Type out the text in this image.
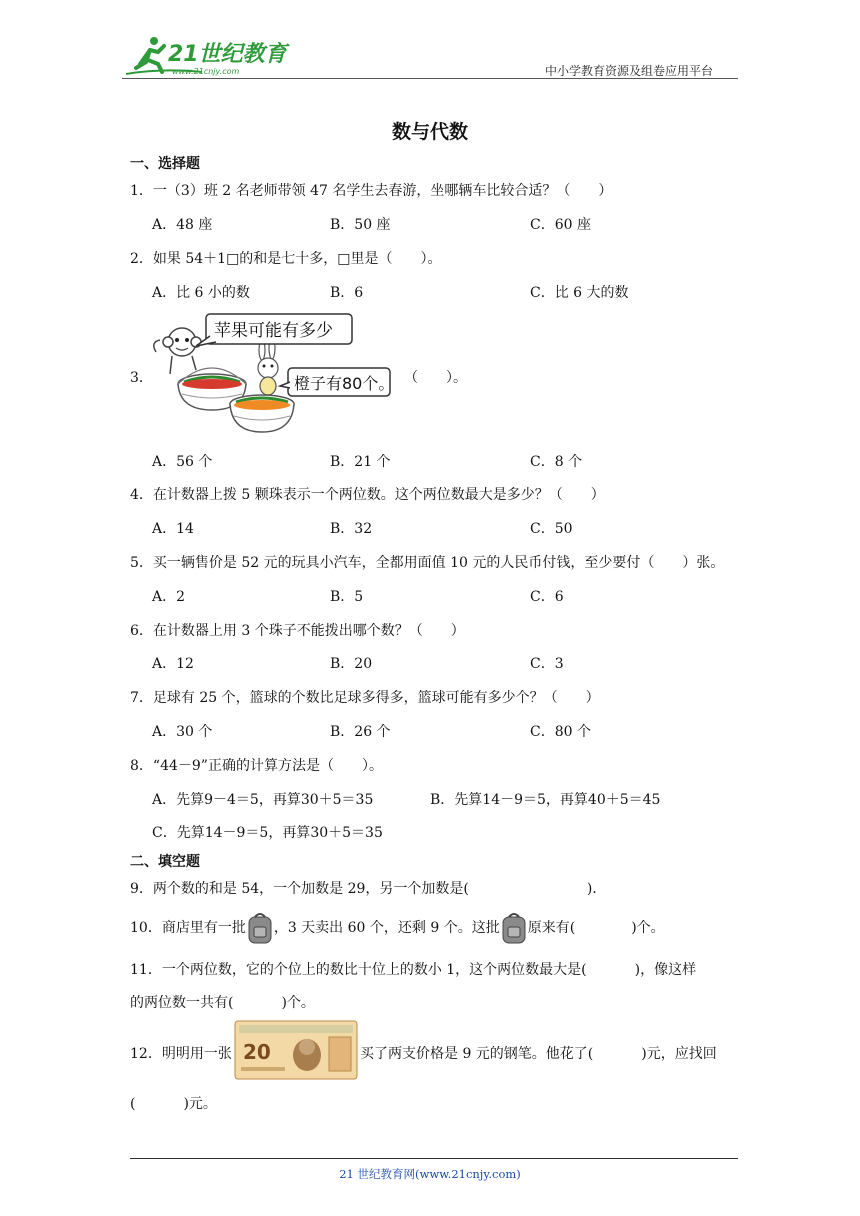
21世纪教育
www.21cnjy.com	中小学教育资源及组卷应用平台
数与代数
一、选择题
1．一（3）班 2 名老师带领 47 名学生去春游，坐哪辆车比较合适？（　　）
A．48 座	B．50 座	C．60 座
2．如果 54＋1□的和是七十多，□里是（　　）。
A．比 6 小的数	B．6	C．比 6 大的数
3．
苹果可能有多少
橙子有80个。 （　　）。
A．56 个	B．21 个	C．8 个
4．在计数器上拨 5 颗珠表示一个两位数。这个两位数最大是多少？（　　）
A．14	B．32	C．50
5．买一辆售价是 52 元的玩具小汽车，全都用面值 10 元的人民币付钱，至少要付（　　）张。
A．2	B．5	C．6
6．在计数器上用 3 个珠子不能拨出哪个数？（　　）
A．12	B．20	C．3
7．足球有 25 个，篮球的个数比足球多得多，篮球可能有多少个？（　　）
A．30 个	B．26 个	C．80 个
8．“44－9”正确的计算方法是（　　）。
A．先算9－4＝5，再算30＋5＝35	B．先算14－9＝5，再算40＋5＝45
C．先算14－9＝5，再算30＋5＝35
二、填空题
9．两个数的和是 54，一个加数是 29，另一个加数是(	)．
10．商店里有一批 ，3 天卖出 60 个，还剩 9 个。这批 原来有(	)个。
11．一个两位数，它的个位上的数比十位上的数小 1，这个两位数最大是(	)，像这样
的两位数一共有(	)个。
12．明明用一张	买了两支价格是 9 元的钢笔。他花了(	)元，应找回
20
(	)元。
21 世纪教育网(www.21cnjy.com)
